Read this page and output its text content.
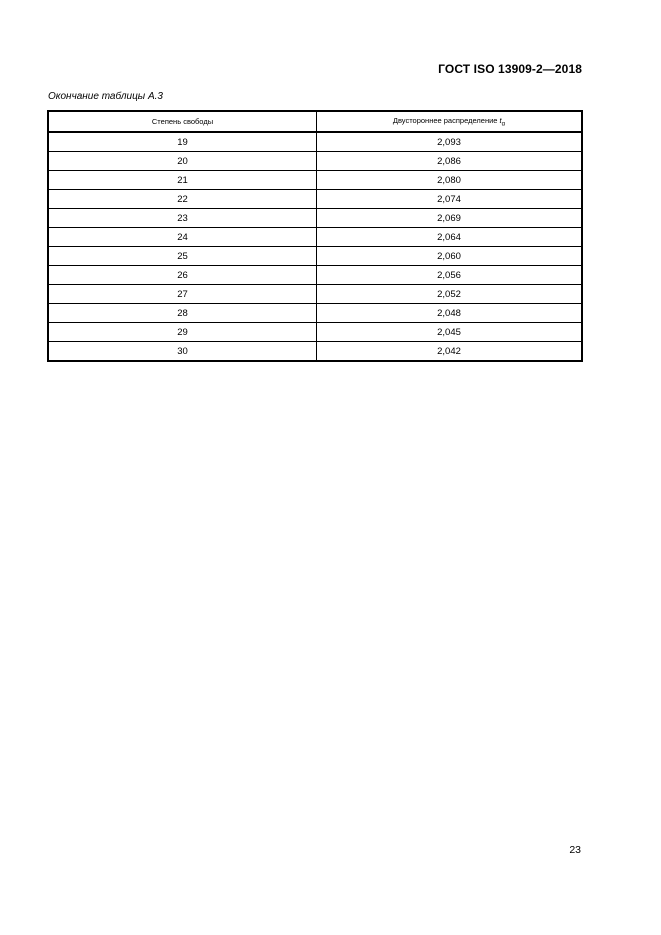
ГОСТ ISO 13909-2—2018
Окончание таблицы А.3
Степень свободы	Двустороннее распределение $t_\alpha$
19	2,093
20	2,086
21	2,080
22	2,074
23	2,069
24	2,064
25	2,060
26	2,056
27	2,052
28	2,048
29	2,045
30	2,042
23
